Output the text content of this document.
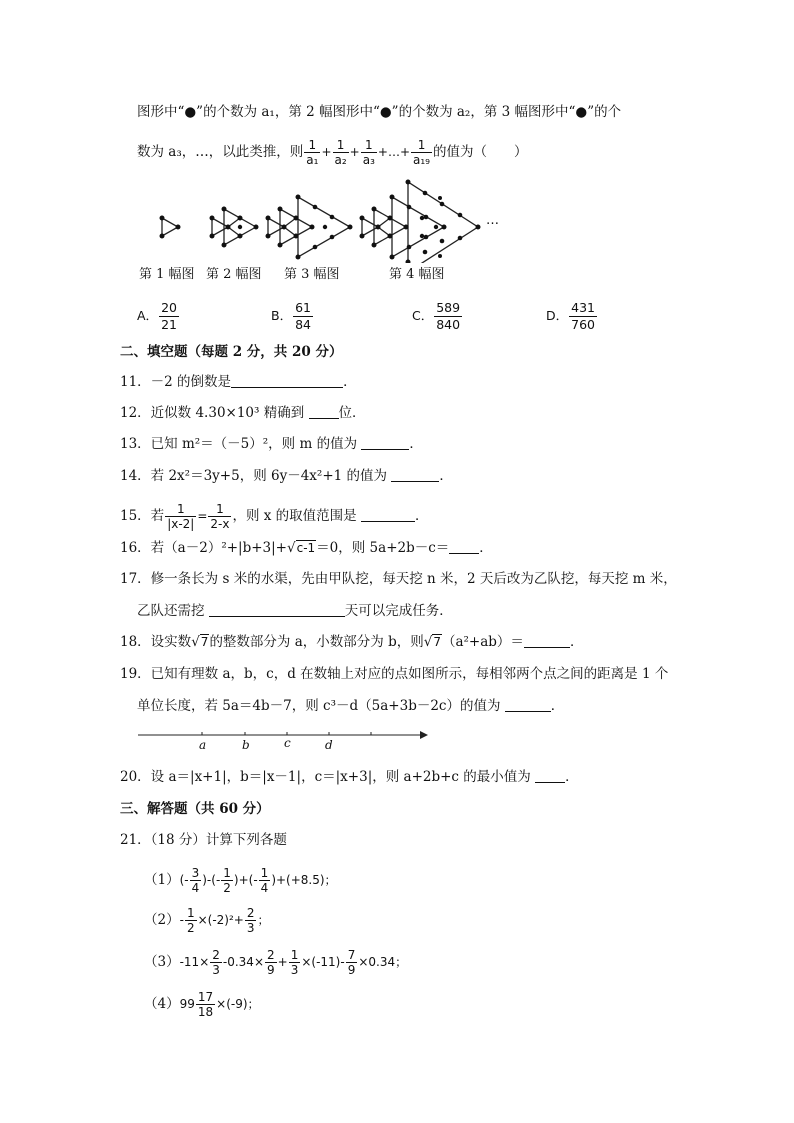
图形中“●”的个数为 a₁，第 2 幅图形中“●”的个数为 a₂，第 3 幅图形中“●”的个
数为 a₃，…，以此类推，则 $\frac{1}{\text{a₁}} + \frac{1}{\text{a₂}} + \frac{1}{\text{a₃}}$ +…+ $\frac{1}{\text{a₁₉}}$ 的值为（　　）
…
第 1 幅图 第 2 幅图 第 3 幅图	第 4 幅图
A． $\frac{20}{21}$	B． $\frac{61}{84}$	C． $\frac{589}{840}$	D． $\frac{431}{760}$
二、填空题（每题 2 分，共 20 分）
11．－2 的倒数是	．
12．近似数 4.30×10³ 精确到	位．
13．已知 m²＝（－5）²，则 m 的值为	．
14．若 2x²＝3y+5，则 6y－4x²+1 的值为	．
15．若 $\frac{1}{|x-2|} = \frac{1}{2-x}$ ，则 x 的取值范围是	．
16．若（a－2）²+|b+3|+√c-1＝0，则 5a+2b－c＝ ．
17．修一条长为 s 米的水渠，先由甲队挖，每天挖 n 米，2 天后改为乙队挖，每天挖 m 米，
乙队还需挖	天可以完成任务．
18．设实数√7的整数部分为 a，小数部分为 b，则√7（a²+ab）＝	．
19．已知有理数 a，b，c，d 在数轴上对应的点如图所示，每相邻两个点之间的距离是 1 个
单位长度，若 5a＝4b－7，则 c³－d（5a+3b－2c）的值为	．
a	b	c	d
20．设 a＝|x+1|，b＝|x－1|，c＝|x+3|，则 a+2b+c 的最小值为	．
三、解答题（共 60 分）
21．（18 分）计算下列各题
$(1)(- \frac{3}{4}$ )-(- $\frac{1}{2}$ )+(- $\frac{1}{4} )+(+8.5)$；
$(2)- \frac{1}{2} \times(-2)^2+ \frac{2}{3}$ ；
$(3)-11\times \frac{2}{3} -0.34\times \frac{2}{9} + \frac{1}{3} \times(-11)- \frac{7}{9} \times 0.34$；
$(4)99 \frac{17}{18} \times(-9)$；
